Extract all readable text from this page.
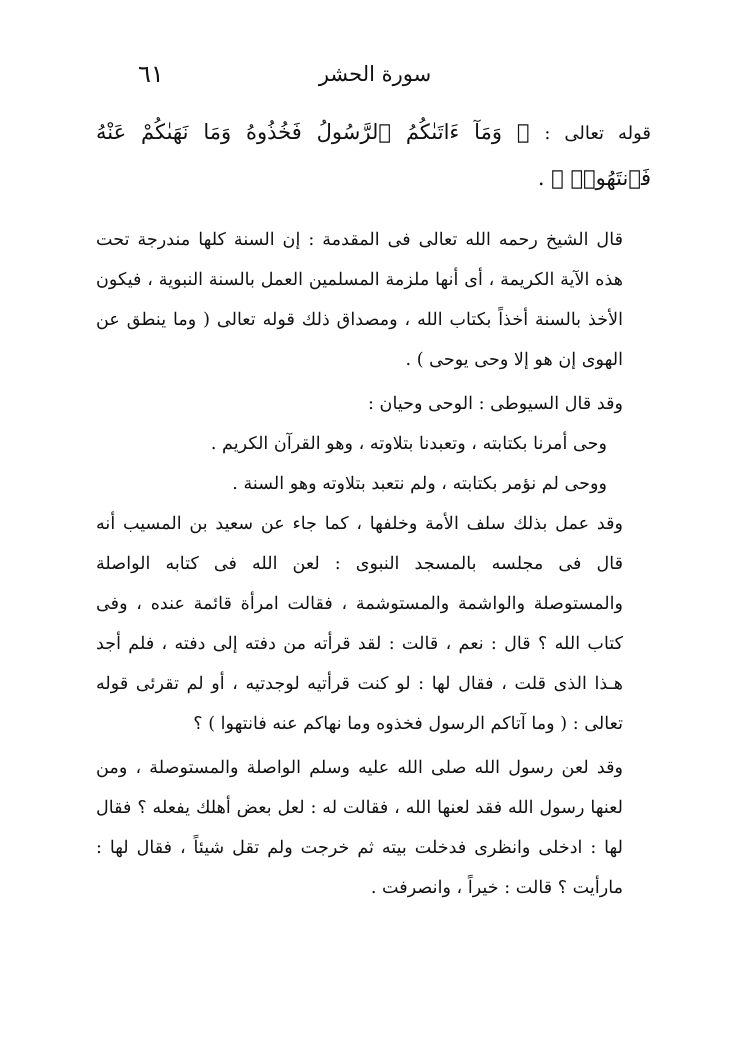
٦١	سورة الحشر

قوله تعالى : ﴿ وَمَآ ءَاتَىٰكُمُ ٱلرَّسُولُ فَخُذُوهُ وَمَا نَهَىٰكُمْ عَنْهُ فَٱنتَهُوا۟ ﴾ .

قال الشيخ رحمه الله تعالى فى المقدمة : إن السنة كلها مندرجة تحت هذه الآية الكريمة ، أى أنها ملزمة المسلمين العمل بالسنة النبوية ، فيكون الأخذ بالسنة أخذاً بكتاب الله ، ومصداق ذلك قوله تعالى ( وما ينطق عن الهوى إن هو إلا وحى يوحى ) .

وقد قال السيوطى : الوحى وحيان :

وحى أمرنا بكتابته ، وتعبدنا بتلاوته ، وهو القرآن الكريم .

ووحى لم نؤمر بكتابته ، ولم نتعبد بتلاوته وهو السنة .

وقد عمل بذلك سلف الأمة وخلفها ، كما جاء عن سعيد بن المسيب أنه قال فى مجلسه بالمسجد النبوى : لعن الله فى كتابه الواصلة والمستوصلة والواشمة والمستوشمة ، فقالت امرأة قائمة عنده ، وفى كتاب الله ؟ قال : نعم ، قالت : لقد قرأته من دفته إلى دفته ، فلم أجد هـذا الذى قلت ، فقال لها : لو كنت قرأتيه لوجدتيه ، أو لم تقرئى قوله تعالى : ( وما آتاكم الرسول فخذوه وما نهاكم عنه فانتهوا ) ؟

وقد لعن رسول الله صلى الله عليه وسلم الواصلة والمستوصلة ، ومن لعنها رسول الله فقد لعنها الله ، فقالت له : لعل بعض أهلك يفعله ؟ فقال لها : ادخلى وانظرى فدخلت بيته ثم خرجت ولم تقل شيئاً ، فقال لها : مارأيت ؟ قالت : خيراً ، وانصرفت .
